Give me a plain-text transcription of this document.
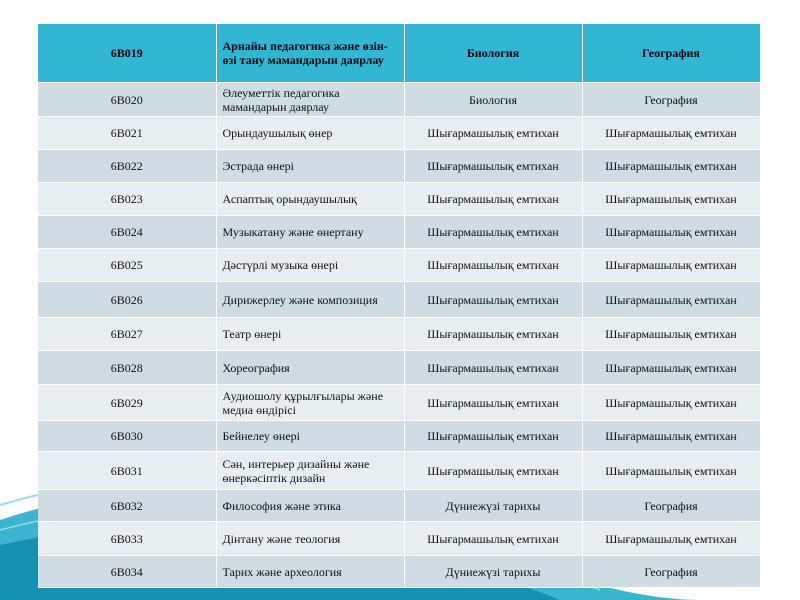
6В019	Арнайы педагогика және өзін-өзі тану мамандарын даярлау	Биология	География
6В020	Әлеуметтік педагогика мамандарын даярлау	Биология	География
6В021	Орындаушылық өнер	Шығармашылық емтихан	Шығармашылық емтихан
6В022	Эстрада өнері	Шығармашылық емтихан	Шығармашылық емтихан
6В023	Аспаптық орындаушылық	Шығармашылық емтихан	Шығармашылық емтихан
6В024	Музыкатану және өнертану	Шығармашылық емтихан	Шығармашылық емтихан
6В025	Дәстүрлі музыка өнері	Шығармашылық емтихан	Шығармашылық емтихан
6В026	Дирижерлеу және композиция	Шығармашылық емтихан	Шығармашылық емтихан
6В027	Театр өнері	Шығармашылық емтихан	Шығармашылық емтихан
6В028	Хореография	Шығармашылық емтихан	Шығармашылық емтихан
6В029	Аудиошолу құрылғылары және медиа өндірісі	Шығармашылық емтихан	Шығармашылық емтихан
6В030	Бейнелеу өнері	Шығармашылық емтихан	Шығармашылық емтихан
6В031	Сән, интерьер дизайны және өнеркәсіптік дизайн	Шығармашылық емтихан	Шығармашылық емтихан
6В032	Философия және этика	Дүниежүзі тарихы	География
6В033	Дінтану және теология	Шығармашылық емтихан	Шығармашылық емтихан
6В034	Тарих және археология	Дүниежүзі тарихы	География
